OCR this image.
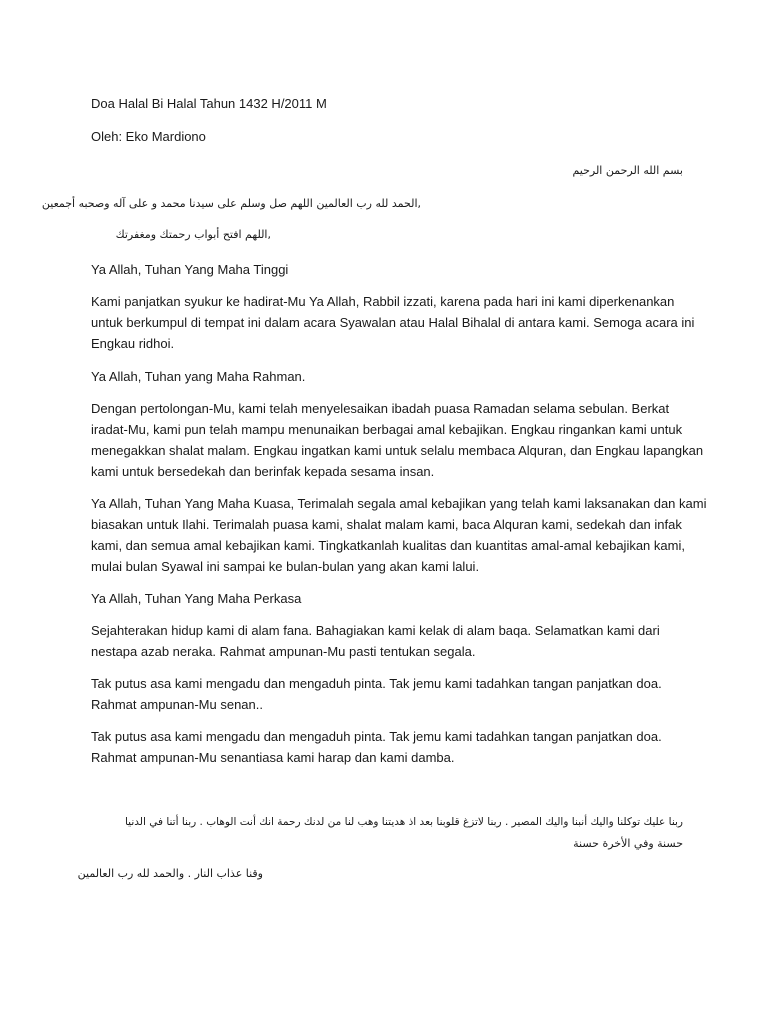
Doa Halal Bi Halal Tahun 1432 H/2011 M

Oleh: Eko Mardiono

بسم الله الرحمن الرحيم

,الحمد لله رب العالمين اللهم صل وسلم على سيدنا محمد و على آله وصحبه أجمعين

,اللهم افتح أبواب رحمتك ومغفرتك

Ya Allah, Tuhan Yang Maha Tinggi

Kami panjatkan syukur ke hadirat-Mu Ya Allah, Rabbil izzati, karena pada hari ini kami diperkenankan
untuk berkumpul di tempat ini dalam acara Syawalan atau Halal Bihalal di antara kami. Semoga acara ini
Engkau ridhoi.

Ya Allah, Tuhan yang Maha Rahman.

Dengan pertolongan-Mu, kami telah menyelesaikan ibadah puasa Ramadan selama sebulan. Berkat
iradat-Mu, kami pun telah mampu menunaikan berbagai amal kebajikan. Engkau ringankan kami untuk
menegakkan shalat malam. Engkau ingatkan kami untuk selalu membaca Alquran, dan Engkau lapangkan
kami untuk bersedekah dan berinfak kepada sesama insan.
Ya Allah, Tuhan Yang Maha Kuasa, Terimalah segala amal kebajikan yang telah kami laksanakan dan kami
biasakan untuk Ilahi. Terimalah puasa kami, shalat malam kami, baca Alquran kami, sedekah dan infak
kami, dan semua amal kebajikan kami. Tingkatkanlah kualitas dan kuantitas amal-amal kebajikan kami,
mulai bulan Syawal ini sampai ke bulan-bulan yang akan kami lalui.

Ya Allah, Tuhan Yang Maha Perkasa

Sejahterakan hidup kami di alam fana. Bahagiakan kami kelak di alam baqa. Selamatkan kami dari
nestapa azab neraka. Rahmat ampunan-Mu pasti tentukan segala.
Tak putus asa kami mengadu dan mengaduh pinta. Tak jemu kami tadahkan tangan panjatkan doa.
Rahmat ampunan-Mu senan..
Tak putus asa kami mengadu dan mengaduh pinta. Tak jemu kami tadahkan tangan panjatkan doa.
Rahmat ampunan-Mu senantiasa kami harap dan kami damba.
ربنا عليك توكلنا واليك أنبنا واليك المصير . ربنا لاتزغ قلوبنا بعد اذ هديتنا وهب لنا من لدنك رحمة انك أنت الوهاب . ربنا أتنا في الدنيا
حسنة وفي الأخرة حسنة

وقنا عذاب النار . والحمد لله رب العالمين
